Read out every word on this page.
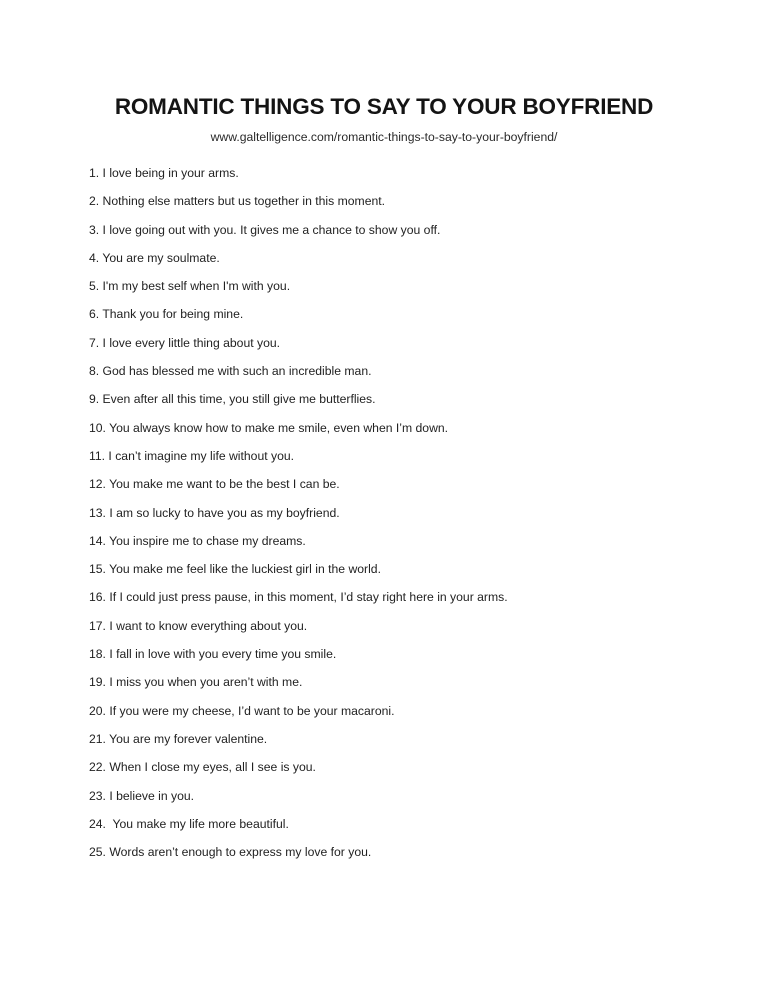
ROMANTIC THINGS TO SAY TO YOUR BOYFRIEND
www.galtelligence.com/romantic-things-to-say-to-your-boyfriend/
1. I love being in your arms.
2. Nothing else matters but us together in this moment.
3. I love going out with you. It gives me a chance to show you off.
4. You are my soulmate.
5. I'm my best self when I'm with you.
6. Thank you for being mine.
7. I love every little thing about you.
8. God has blessed me with such an incredible man.
9. Even after all this time, you still give me butterflies.
10. You always know how to make me smile, even when I’m down.
11. I can’t imagine my life without you.
12. You make me want to be the best I can be.
13. I am so lucky to have you as my boyfriend.
14. You inspire me to chase my dreams.
15. You make me feel like the luckiest girl in the world.
16. If I could just press pause, in this moment, I’d stay right here in your arms.
17. I want to know everything about you.
18. I fall in love with you every time you smile.
19. I miss you when you aren’t with me.
20. If you were my cheese, I’d want to be your macaroni.
21. You are my forever valentine.
22. When I close my eyes, all I see is you.
23. I believe in you.
24.  You make my life more beautiful.
25. Words aren’t enough to express my love for you.
